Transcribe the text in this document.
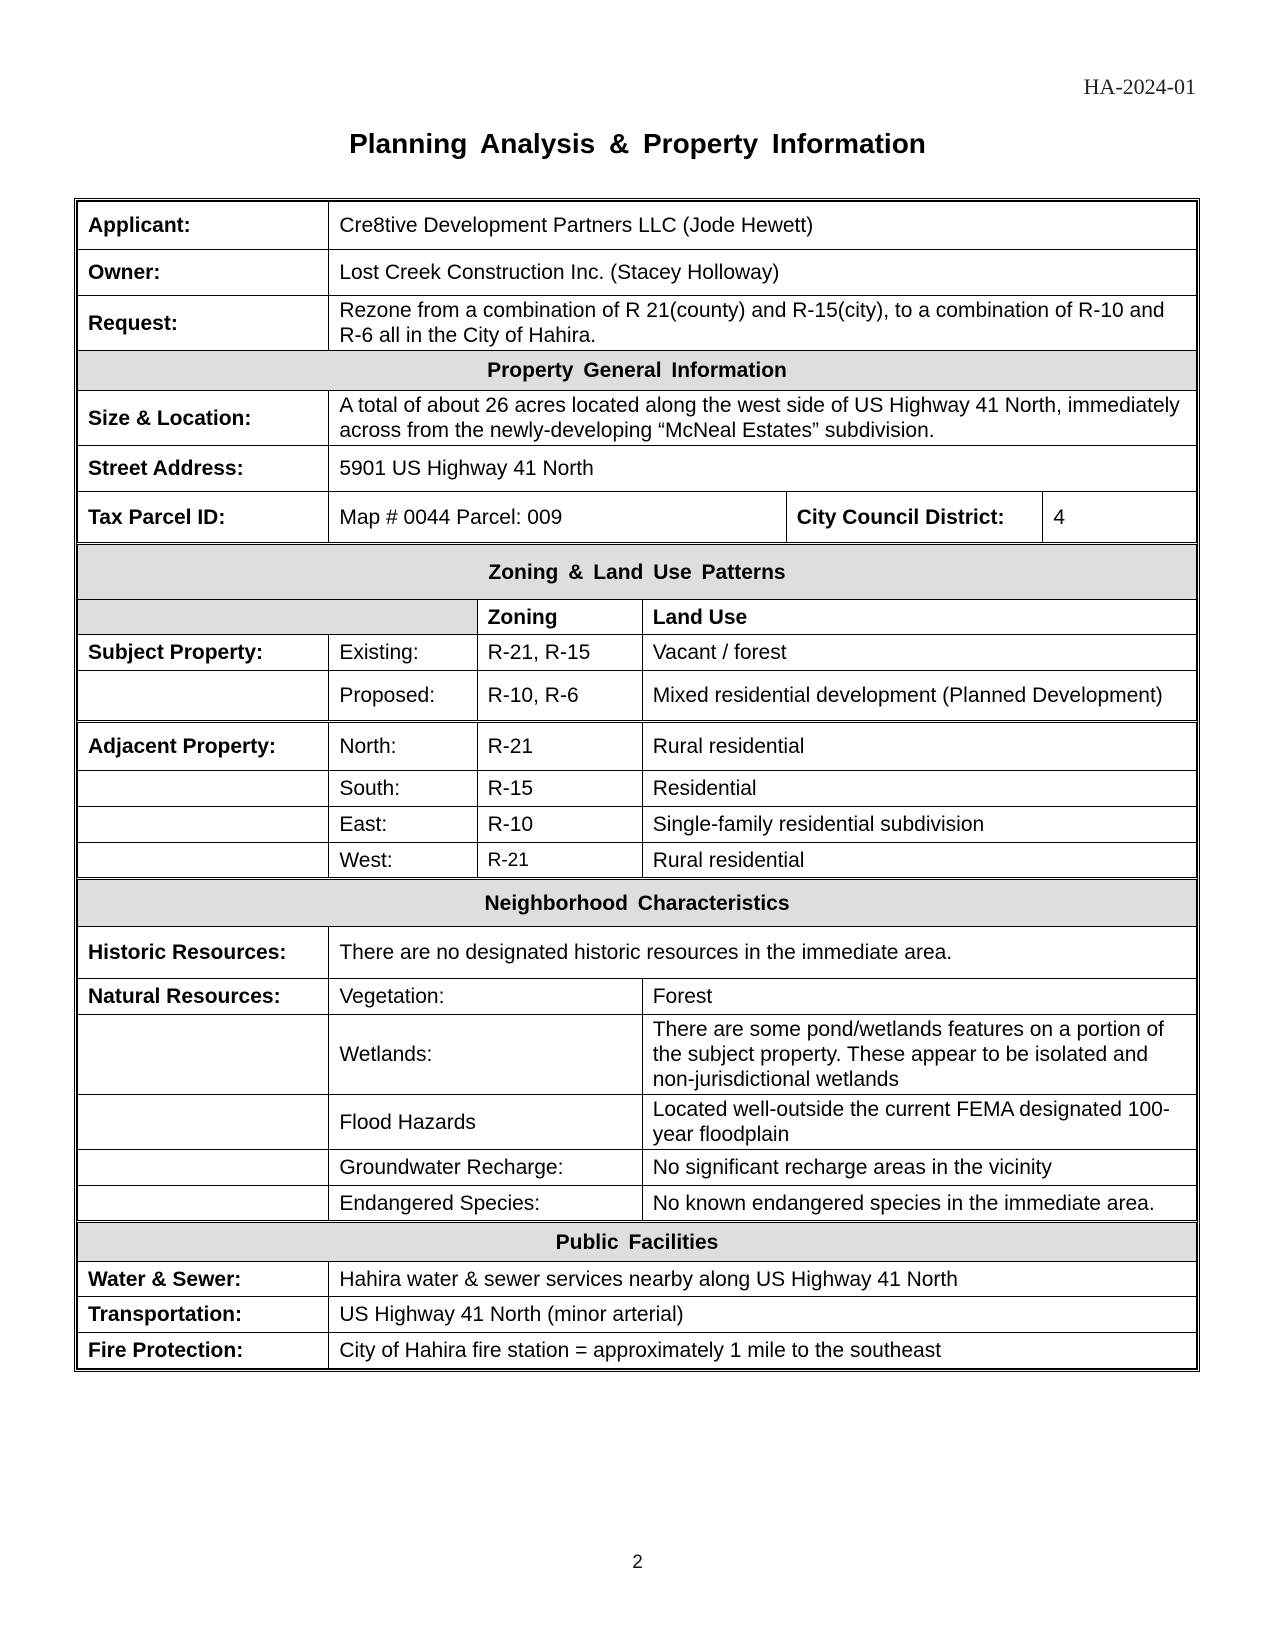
HA-2024-01
Planning Analysis & Property Information
Applicant:	Cre8tive Development Partners LLC (Jode Hewett)				
Owner:	Lost Creek Construction Inc. (Stacey Holloway)				
Request:	Rezone from a combination of R 21(county) and R-15(city), to a combination of R-10 and R-6 all in the City of Hahira.				
Property General Information					
Size & Location:	A total of about 26 acres located along the west side of US Highway 41 North, immediately across from the newly-developing “McNeal Estates” subdivision.				
Street Address:	5901 US Highway 41 North				
Tax Parcel ID:	Map # 0044 Parcel: 009			City Council District:	4
Zoning & Land Use Patterns					
		Zoning	Land Use		
Subject Property:	Existing:	R-21, R-15	Vacant / forest		
	Proposed:	R-10, R-6	Mixed residential development (Planned Development)		
Adjacent Property:	North:	R-21	Rural residential		
	South:	R-15	Residential		
	East:	R-10	Single-family residential subdivision		
	West:	R-21	Rural residential		
Neighborhood Characteristics					
Historic Resources:	There are no designated historic resources in the immediate area.				
Natural Resources:	Vegetation:		Forest		
	Wetlands:		There are some pond/wetlands features on a portion of the subject property. These appear to be isolated and non-jurisdictional wetlands		
	Flood Hazards		Located well-outside the current FEMA designated 100-year floodplain		
	Groundwater Recharge:		No significant recharge areas in the vicinity		
	Endangered Species:		No known endangered species in the immediate area.		
Public Facilities					
Water & Sewer:	Hahira water & sewer services nearby along US Highway 41 North				
Transportation:	US Highway 41 North (minor arterial)				
Fire Protection:	City of Hahira fire station = approximately 1 mile to the southeast				
2
